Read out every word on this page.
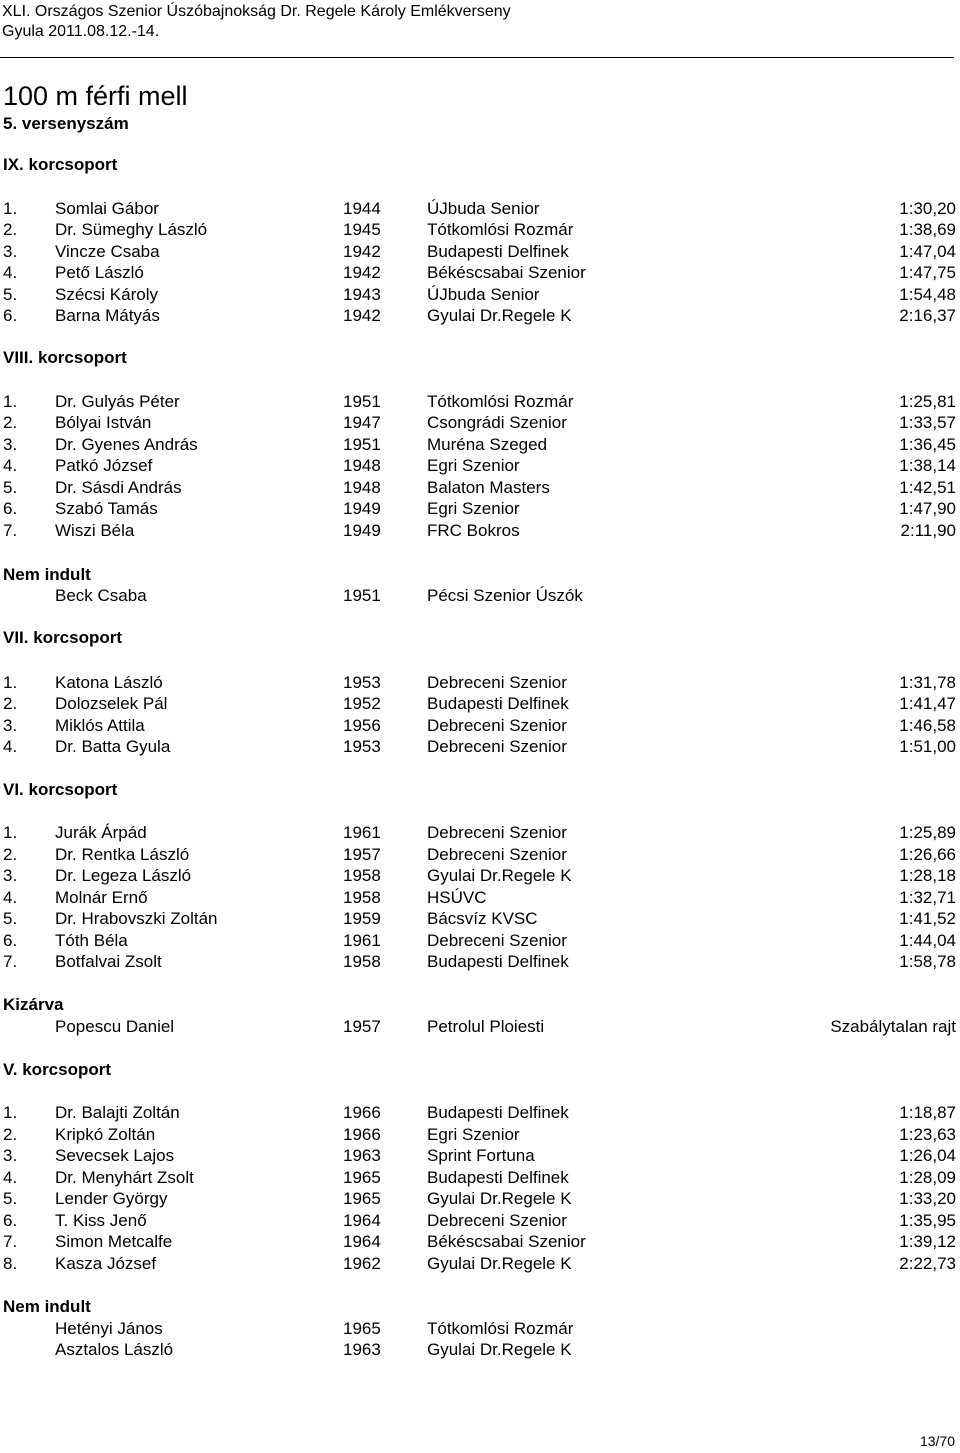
XLI. Országos Szenior Úszóbajnokság Dr. Regele Károly Emlékverseny
Gyula 2011.08.12.-14.
100 m férfi mell
5. versenyszám
IX. korcsoport
1. Somlai Gábor	1944	ÚJbuda Senior	1:30,20
2. Dr. Sümeghy László	1945	Tótkomlósi Rozmár	1:38,69
3. Vincze Csaba	1942	Budapesti Delfinek	1:47,04
4. Pető László	1942	Békéscsabai Szenior	1:47,75
5. Szécsi Károly	1943	ÚJbuda Senior	1:54,48
6. Barna Mátyás	1942	Gyulai Dr.Regele K	2:16,37
VIII. korcsoport
1. Dr. Gulyás Péter	1951	Tótkomlósi Rozmár	1:25,81
2. Bólyai István	1947	Csongrádi Szenior	1:33,57
3. Dr. Gyenes András	1951	Muréna Szeged	1:36,45
4. Patkó József	1948	Egri Szenior	1:38,14
5. Dr. Sásdi András	1948	Balaton Masters	1:42,51
6. Szabó Tamás	1949	Egri Szenior	1:47,90
7. Wiszi Béla	1949	FRC Bokros	2:11,90
Nem indult
Beck Csaba	1951	Pécsi Szenior Úszók
VII. korcsoport
1. Katona László	1953	Debreceni Szenior	1:31,78
2. Dolozselek Pál	1952	Budapesti Delfinek	1:41,47
3. Miklós Attila	1956	Debreceni Szenior	1:46,58
4. Dr. Batta Gyula	1953	Debreceni Szenior	1:51,00
VI. korcsoport
1. Jurák Árpád	1961	Debreceni Szenior	1:25,89
2. Dr. Rentka László	1957	Debreceni Szenior	1:26,66
3. Dr. Legeza László	1958	Gyulai Dr.Regele K	1:28,18
4. Molnár Ernő	1958	HSÚVC	1:32,71
5. Dr. Hrabovszki Zoltán	1959	Bácsvíz KVSC	1:41,52
6. Tóth Béla	1961	Debreceni Szenior	1:44,04
7. Botfalvai Zsolt	1958	Budapesti Delfinek	1:58,78
Kizárva
Popescu Daniel	1957	Petrolul Ploiesti	Szabálytalan rajt
V. korcsoport
1. Dr. Balajti Zoltán	1966	Budapesti Delfinek	1:18,87
2. Kripkó Zoltán	1966	Egri Szenior	1:23,63
3. Sevecsek Lajos	1963	Sprint Fortuna	1:26,04
4. Dr. Menyhárt Zsolt	1965	Budapesti Delfinek	1:28,09
5. Lender György	1965	Gyulai Dr.Regele K	1:33,20
6. T. Kiss Jenő	1964	Debreceni Szenior	1:35,95
7. Simon Metcalfe	1964	Békéscsabai Szenior	1:39,12
8. Kasza József	1962	Gyulai Dr.Regele K	2:22,73
Nem indult
Hetényi János	1965	Tótkomlósi Rozmár
Asztalos László	1963	Gyulai Dr.Regele K
13/70
